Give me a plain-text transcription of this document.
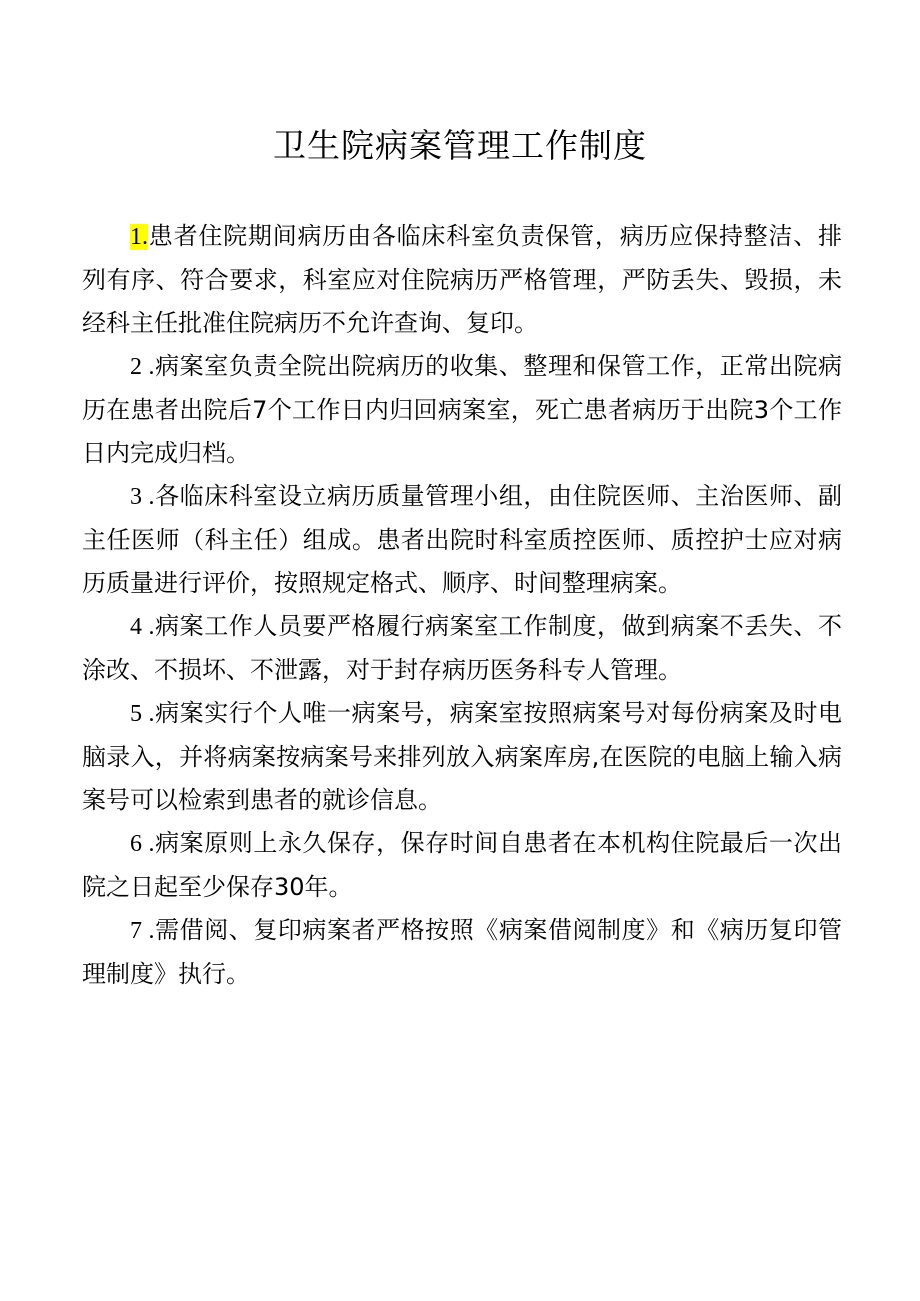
卫生院病案管理工作制度

1.患者住院期间病历由各临床科室负责保管，病历应保持整洁、排列有序、符合要求，科室应对住院病历严格管理，严防丢失、毁损，未经科主任批准住院病历不允许查询、复印。

2 .病案室负责全院出院病历的收集、整理和保管工作，正常出院病历在患者出院后7个工作日内归回病案室，死亡患者病历于出院3个工作日内完成归档。

3 .各临床科室设立病历质量管理小组，由住院医师、主治医师、副主任医师（科主任）组成。患者出院时科室质控医师、质控护士应对病历质量进行评价，按照规定格式、顺序、时间整理病案。

4 .病案工作人员要严格履行病案室工作制度，做到病案不丢失、不涂改、不损坏、不泄露，对于封存病历医务科专人管理。

5 .病案实行个人唯一病案号，病案室按照病案号对每份病案及时电脑录入，并将病案按病案号来排列放入病案库房,在医院的电脑上输入病案号可以检索到患者的就诊信息。

6 .病案原则上永久保存，保存时间自患者在本机构住院最后一次出院之日起至少保存30年。

7 .需借阅、复印病案者严格按照《病案借阅制度》和《病历复印管理制度》执行。
